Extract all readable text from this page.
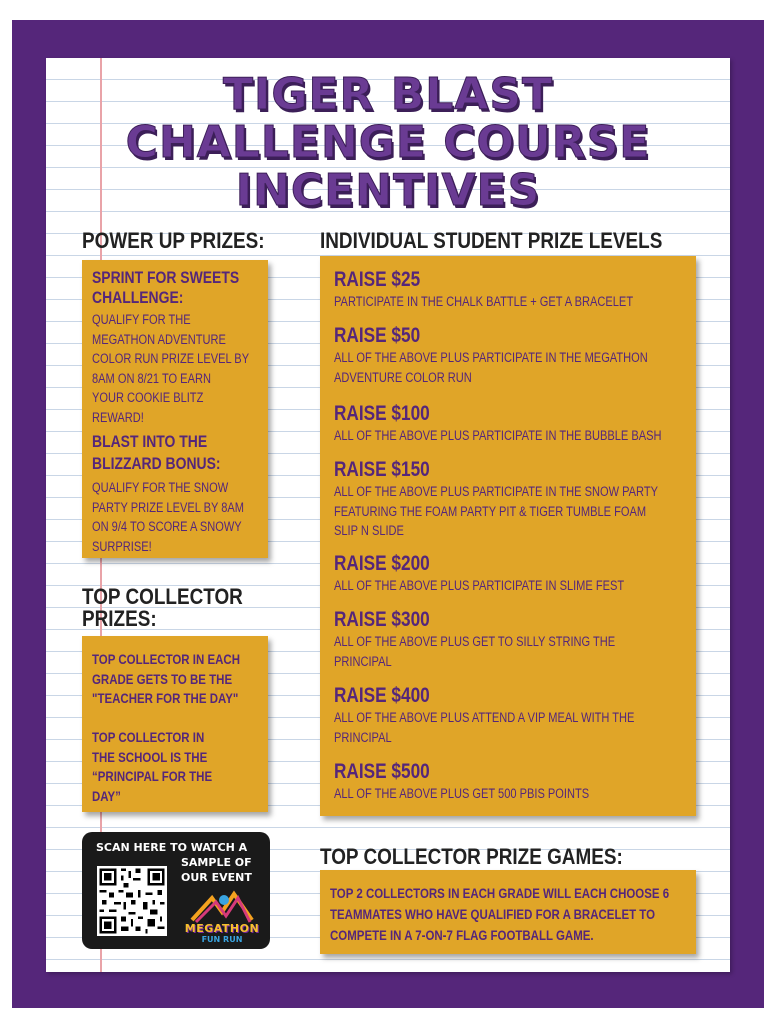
TIGER BLAST
CHALLENGE COURSE
INCENTIVES
POWER UP PRIZES:
SPRINT FOR SWEETS
CHALLENGE:
QUALIFY FOR THE
MEGATHON ADVENTURE
COLOR RUN PRIZE LEVEL BY
8AM ON 8/21 TO EARN
YOUR COOKIE BLITZ
REWARD!
BLAST INTO THE
BLIZZARD BONUS:
QUALIFY FOR THE SNOW
PARTY PRIZE LEVEL BY 8AM
ON 9/4 TO SCORE A SNOWY
SURPRISE!
TOP COLLECTOR
PRIZES:
TOP COLLECTOR IN EACH
GRADE GETS TO BE THE
"TEACHER FOR THE DAY"
TOP COLLECTOR IN
THE SCHOOL IS THE
“PRINCIPAL FOR THE
DAY”
SCAN HERE TO WATCH A
SAMPLE OF
OUR EVENT
MEGATHON
FUN RUN
INDIVIDUAL STUDENT PRIZE LEVELS
RAISE $25
PARTICIPATE IN THE CHALK BATTLE + GET A BRACELET
RAISE $50
ALL OF THE ABOVE PLUS PARTICIPATE IN THE MEGATHON
ADVENTURE COLOR RUN
RAISE $100
ALL OF THE ABOVE PLUS PARTICIPATE IN THE BUBBLE BASH
RAISE $150
ALL OF THE ABOVE PLUS PARTICIPATE IN THE SNOW PARTY
FEATURING THE FOAM PARTY PIT & TIGER TUMBLE FOAM
SLIP N SLIDE
RAISE $200
ALL OF THE ABOVE PLUS PARTICIPATE IN SLIME FEST
RAISE $300
ALL OF THE ABOVE PLUS GET TO SILLY STRING THE
PRINCIPAL
RAISE $400
ALL OF THE ABOVE PLUS ATTEND A VIP MEAL WITH THE
PRINCIPAL
RAISE $500
ALL OF THE ABOVE PLUS GET 500 PBIS POINTS
TOP COLLECTOR PRIZE GAMES:
TOP 2 COLLECTORS IN EACH GRADE WILL EACH CHOOSE 6
TEAMMATES WHO HAVE QUALIFIED FOR A BRACELET TO
COMPETE IN A 7-ON-7 FLAG FOOTBALL GAME.
